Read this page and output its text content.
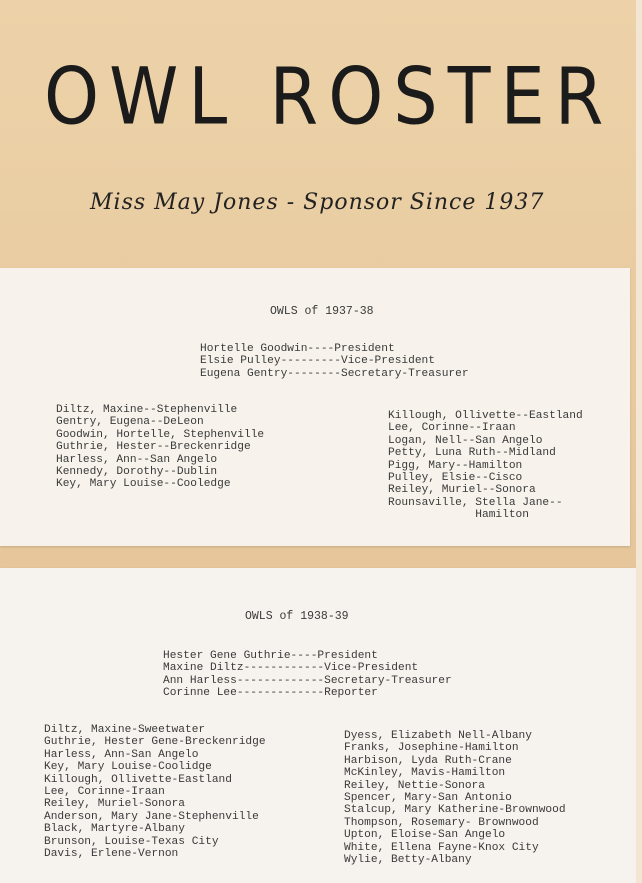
OWL ROSTER
Miss May Jones - Sponsor Since 1937
OWLS of 1937-38
Hortelle Goodwin----President
Elsie Pulley---------Vice-President
Eugena Gentry--------Secretary-Treasurer
Diltz, Maxine--Stephenville
Gentry, Eugena--DeLeon
Goodwin, Hortelle, Stephenville
Guthrie, Hester--Breckenridge
Harless, Ann--San Angelo
Kennedy, Dorothy--Dublin
Key, Mary Louise--Cooledge
Killough, Ollivette--Eastland
Lee, Corinne--Iraan
Logan, Nell--San Angelo
Petty, Luna Ruth--Midland
Pigg, Mary--Hamilton
Pulley, Elsie--Cisco
Reiley, Muriel--Sonora
Rounsaville, Stella Jane--
Hamilton
OWLS of 1938-39
Hester Gene Guthrie----President
Maxine Diltz------------Vice-President
Ann Harless-------------Secretary-Treasurer
Corinne Lee-------------Reporter
Diltz, Maxine-Sweetwater
Guthrie, Hester Gene-Breckenridge
Harless, Ann-San Angelo
Key, Mary Louise-Coolidge
Killough, Ollivette-Eastland
Lee, Corinne-Iraan
Reiley, Muriel-Sonora
Anderson, Mary Jane-Stephenville
Black, Martyre-Albany
Brunson, Louise-Texas City
Davis, Erlene-Vernon
Dyess, Elizabeth Nell-Albany
Franks, Josephine-Hamilton
Harbison, Lyda Ruth-Crane
McKinley, Mavis-Hamilton
Reiley, Nettie-Sonora
Spencer, Mary-San Antonio
Stalcup, Mary Katherine-Brownwood
Thompson, Rosemary- Brownwood
Upton, Eloise-San Angelo
White, Ellena Fayne-Knox City
Wylie, Betty-Albany
